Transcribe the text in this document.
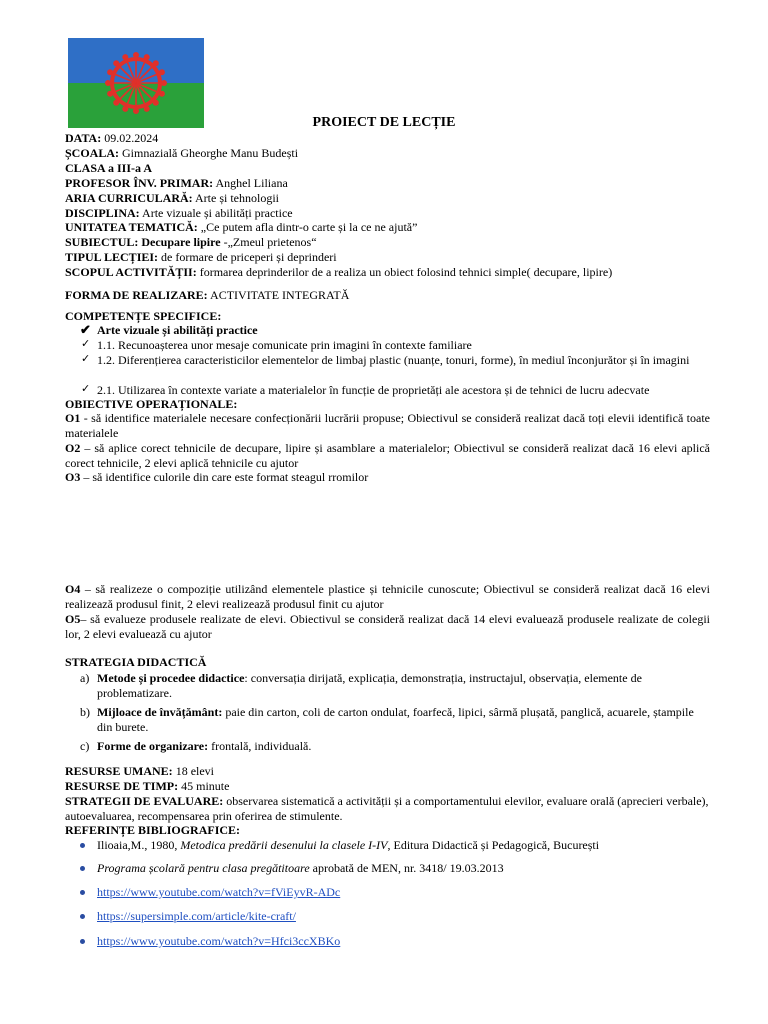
PROIECT DE LECȚIE
DATA: 09.02.2024
ȘCOALA: Gimnazială Gheorghe Manu Budești
CLASA a III-a A
PROFESOR ÎNV. PRIMAR: Anghel Liliana
ARIA CURRICULARĂ: Arte și tehnologii
DISCIPLINA: Arte vizuale și abilități practice
UNITATEA TEMATICĂ: „Ce putem afla dintr-o carte și la ce ne ajută”
SUBIECTUL: Decupare lipire -„Zmeul prietenos“
TIPUL LECȚIEI: de formare de priceperi și deprinderi
SCOPUL ACTIVITĂȚII: formarea deprinderilor de a realiza un obiect folosind tehnici simple( decupare, lipire)
FORMA DE REALIZARE: ACTIVITATE INTEGRATĂ
COMPETENȚE SPECIFICE:
✔ Arte vizuale și abilități practice
✓ 1.1. Recunoașterea unor mesaje comunicate prin imagini în contexte familiare
✓ 1.2. Diferențierea caracteristicilor elementelor de limbaj plastic (nuanțe, tonuri, forme), în mediul înconjurător și în imagini
✓ 2.1. Utilizarea în contexte variate a materialelor în funcție de proprietăți ale acestora și de tehnici de lucru adecvate
OBIECTIVE OPERAȚIONALE:
O1 - să identifice materialele necesare confecționării lucrării propuse; Obiectivul se consideră realizat dacă toți elevii identifică toate materialele
O2 – să aplice corect tehnicile de decupare, lipire și asamblare a materialelor; Obiectivul se consideră realizat dacă 16 elevi aplică corect tehnicile, 2 elevi aplică tehnicile cu ajutor
O3 – să identifice culorile din care este format steagul rromilor
O4 – să realizeze o compoziție utilizând elementele plastice și tehnicile cunoscute; Obiectivul se consideră realizat dacă 16 elevi realizează produsul finit, 2 elevi realizează produsul finit cu ajutor
O5– să evalueze produsele realizate de elevi. Obiectivul se consideră realizat dacă 14 elevi evaluează produsele realizate de colegii lor, 2 elevi evaluează cu ajutor
STRATEGIA DIDACTICĂ
a) Metode și procedee didactice: conversația dirijată, explicația, demonstrația, instructajul, observația, elemente de problematizare.
b) Mijloace de învățământ: paie din carton, coli de carton ondulat, foarfecă, lipici, sârmă plușată, panglică, acuarele, ștampile din burete.
c) Forme de organizare: frontală, individuală.
RESURSE UMANE: 18 elevi
RESURSE DE TIMP: 45 minute
STRATEGII DE EVALUARE: observarea sistematică a activității și a comportamentului elevilor, evaluare orală (aprecieri verbale), autoevaluarea, recompensarea prin oferirea de stimulente.
REFERINȚE BIBLIOGRAFICE:
Ilioaia,M., 1980, Metodica predării desenului la clasele I-IV, Editura Didactică și Pedagogică, București
Programa școlară pentru clasa pregătitoare aprobată de MEN, nr. 3418/ 19.03.2013
https://www.youtube.com/watch?v=fViEyvR-ADc
https://supersimple.com/article/kite-craft/
https://www.youtube.com/watch?v=Hfci3ccXBKo
